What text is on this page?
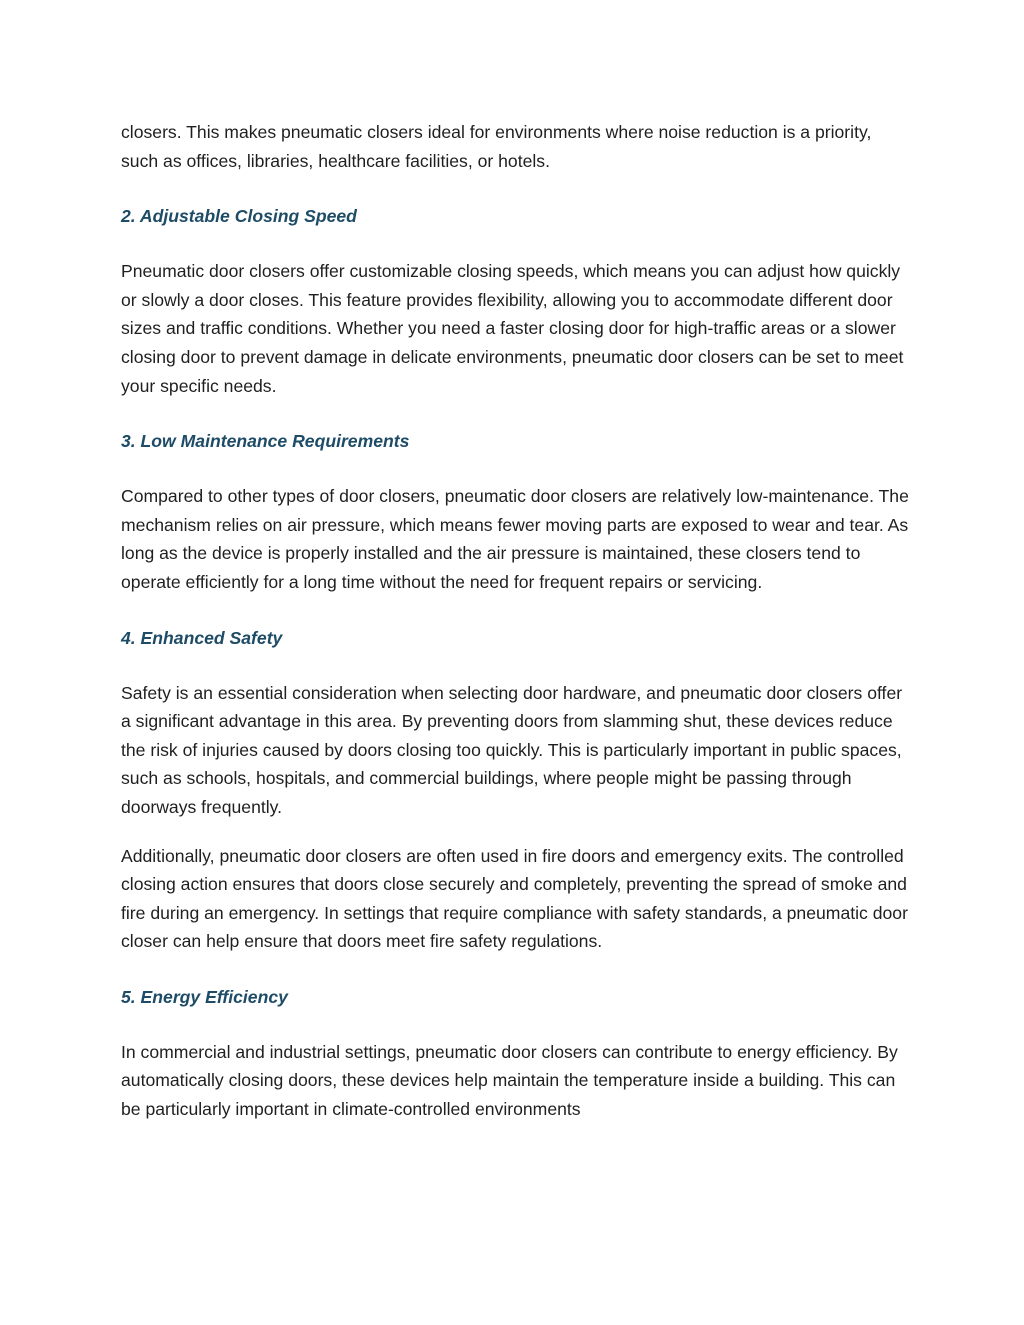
closers. This makes pneumatic closers ideal for environments where noise reduction is a priority, such as offices, libraries, healthcare facilities, or hotels.

2. Adjustable Closing Speed

Pneumatic door closers offer customizable closing speeds, which means you can adjust how quickly or slowly a door closes. This feature provides flexibility, allowing you to accommodate different door sizes and traffic conditions. Whether you need a faster closing door for high-traffic areas or a slower closing door to prevent damage in delicate environments, pneumatic door closers can be set to meet your specific needs.

3. Low Maintenance Requirements

Compared to other types of door closers, pneumatic door closers are relatively low-maintenance. The mechanism relies on air pressure, which means fewer moving parts are exposed to wear and tear. As long as the device is properly installed and the air pressure is maintained, these closers tend to operate efficiently for a long time without the need for frequent repairs or servicing.

4. Enhanced Safety

Safety is an essential consideration when selecting door hardware, and pneumatic door closers offer a significant advantage in this area. By preventing doors from slamming shut, these devices reduce the risk of injuries caused by doors closing too quickly. This is particularly important in public spaces, such as schools, hospitals, and commercial buildings, where people might be passing through doorways frequently.

Additionally, pneumatic door closers are often used in fire doors and emergency exits. The controlled closing action ensures that doors close securely and completely, preventing the spread of smoke and fire during an emergency. In settings that require compliance with safety standards, a pneumatic door closer can help ensure that doors meet fire safety regulations.

5. Energy Efficiency

In commercial and industrial settings, pneumatic door closers can contribute to energy efficiency. By automatically closing doors, these devices help maintain the temperature inside a building. This can be particularly important in climate-controlled environments
